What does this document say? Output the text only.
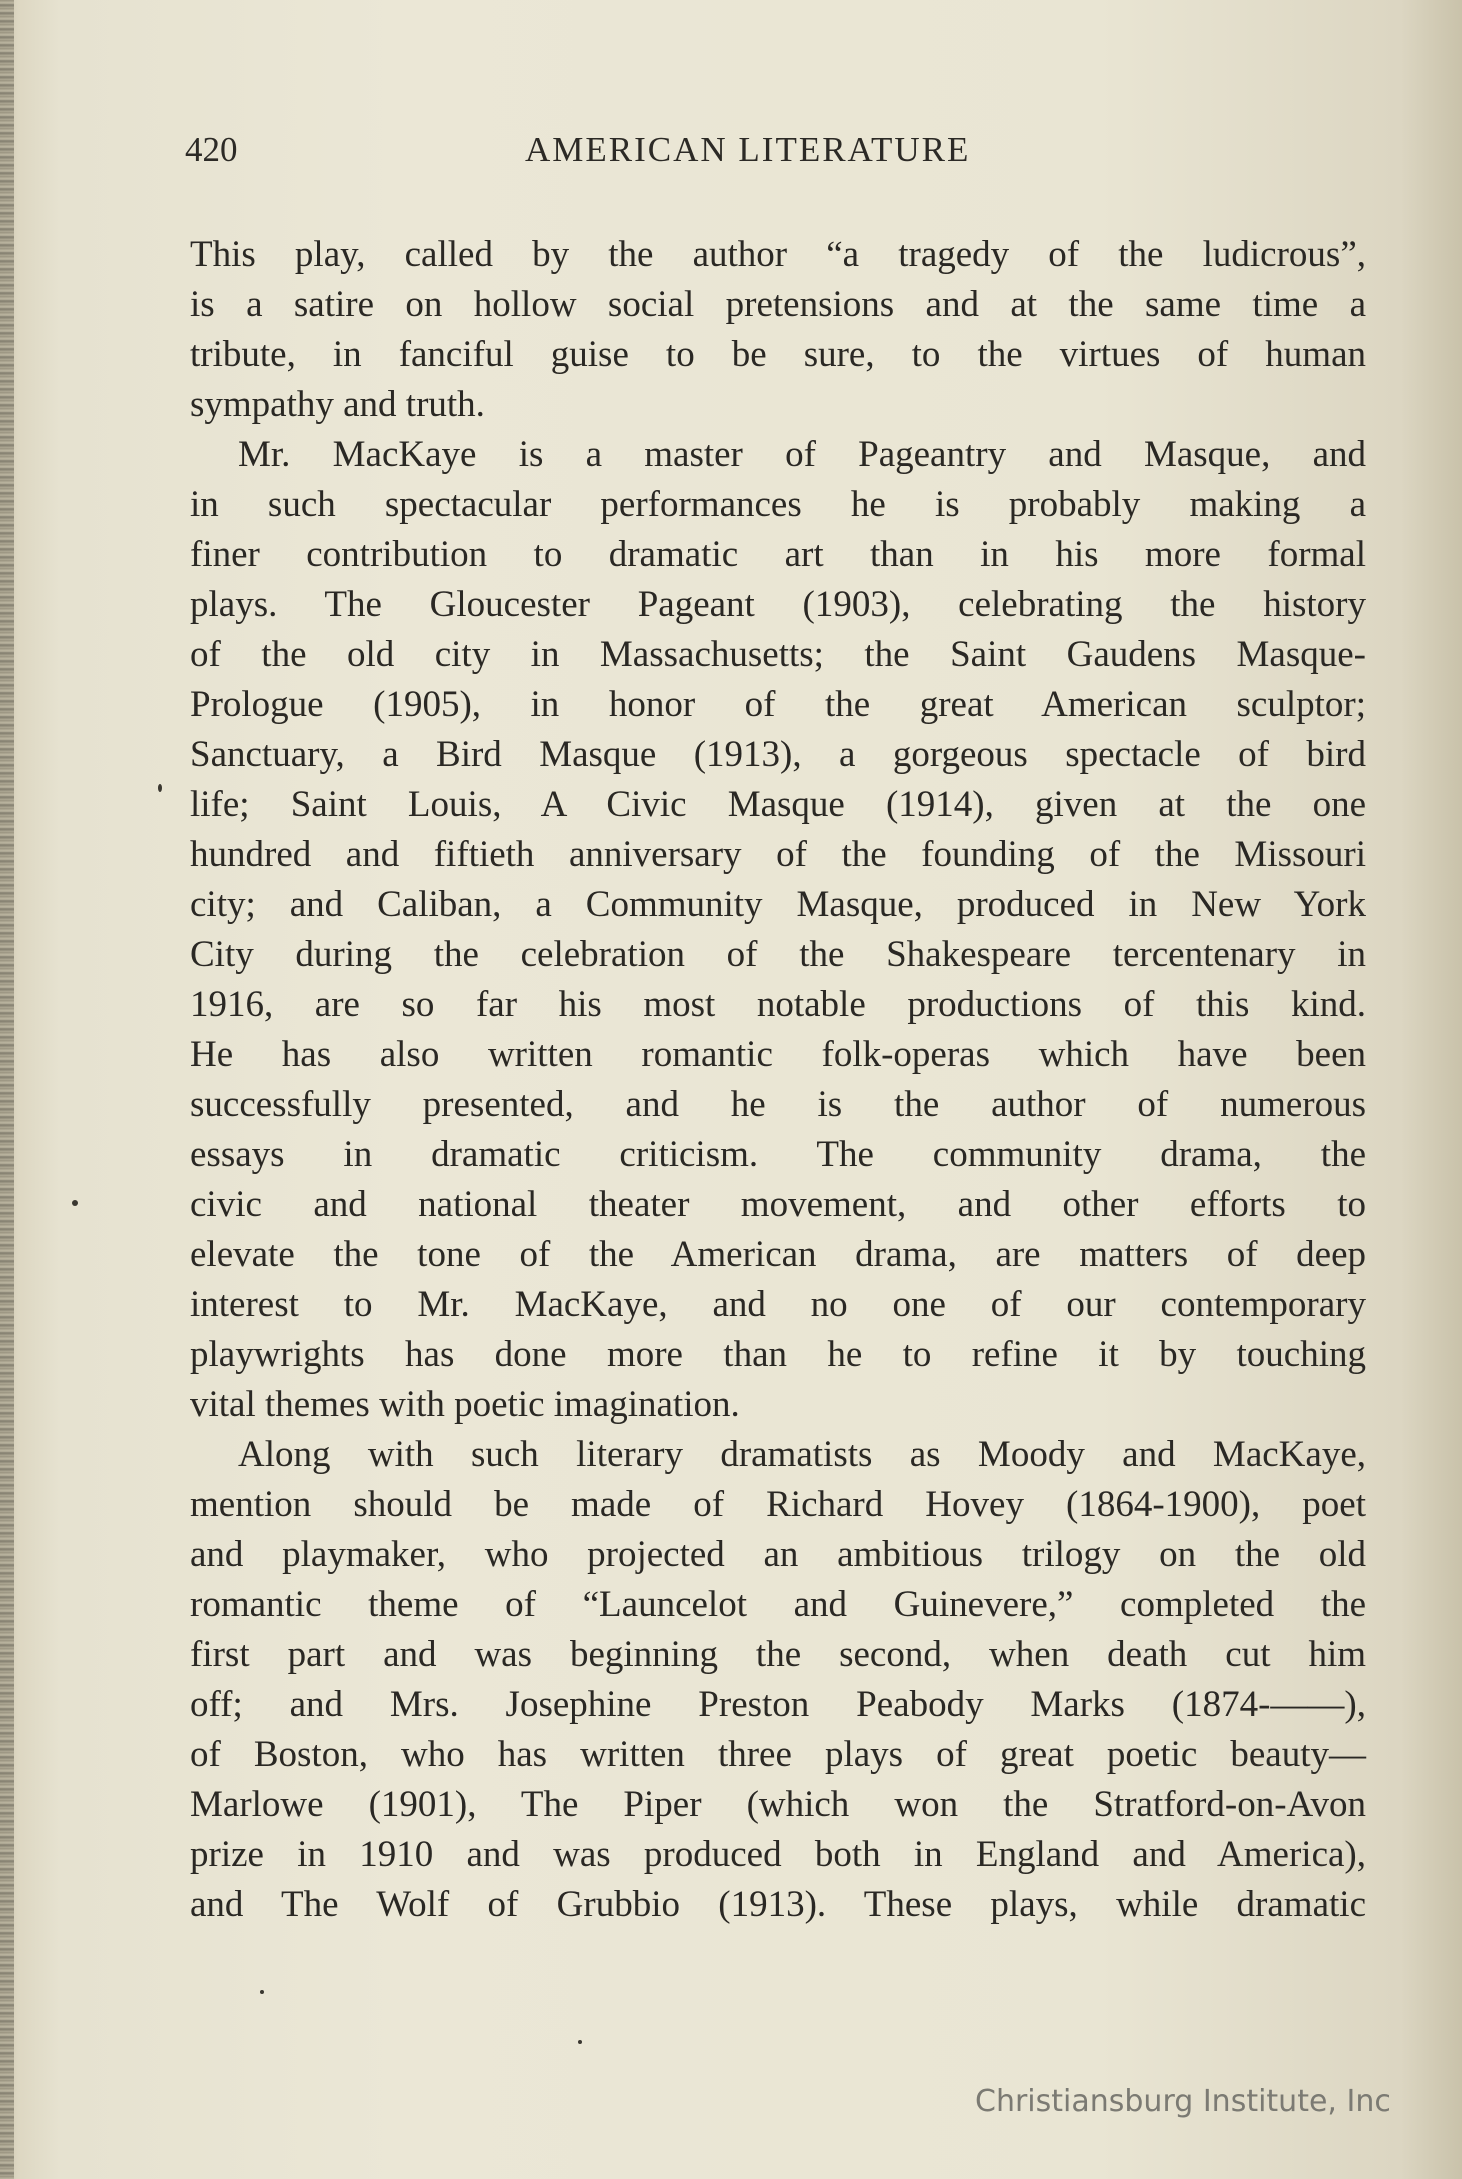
420	AMERICAN LITERATURE

This play, called by the author “a tragedy of the ludicrous”,
is a satire on hollow social pretensions and at the same time a
tribute, in fanciful guise to be sure, to the virtues of human
sympathy and truth.

Mr. MacKaye is a master of Pageantry and Masque, and
in such spectacular performances he is probably making a
finer contribution to dramatic art than in his more formal
plays. The Gloucester Pageant (1903), celebrating the history
of the old city in Massachusetts; the Saint Gaudens Masque-
Prologue (1905), in honor of the great American sculptor;
Sanctuary, a Bird Masque (1913), a gorgeous spectacle of bird
life; Saint Louis, A Civic Masque (1914), given at the one
hundred and fiftieth anniversary of the founding of the Missouri
city; and Caliban, a Community Masque, produced in New York
City during the celebration of the Shakespeare tercentenary in
1916, are so far his most notable productions of this kind.
He has also written romantic folk-operas which have been
successfully presented, and he is the author of numerous
essays in dramatic criticism. The community drama, the
civic and national theater movement, and other efforts to
elevate the tone of the American drama, are matters of deep
interest to Mr. MacKaye, and no one of our contemporary
playwrights has done more than he to refine it by touching
vital themes with poetic imagination.

Along with such literary dramatists as Moody and MacKaye,
mention should be made of Richard Hovey (1864-1900), poet
and playmaker, who projected an ambitious trilogy on the old
romantic theme of “Launcelot and Guinevere,” completed the
first part and was beginning the second, when death cut him
off; and Mrs. Josephine Preston Peabody Marks (1874-——),
of Boston, who has written three plays of great poetic beauty—
Marlowe (1901), The Piper (which won the Stratford-on-Avon
prize in 1910 and was produced both in England and America),
and The Wolf of Grubbio (1913). These plays, while dramatic

Christiansburg Institute, Inc
